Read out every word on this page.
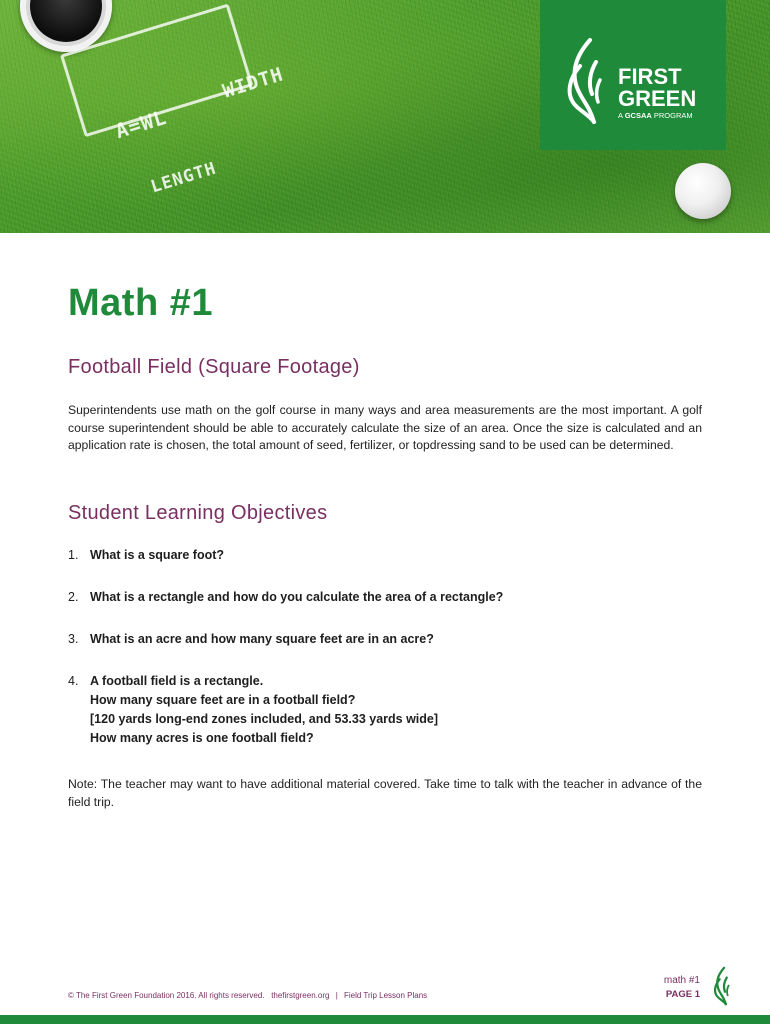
WIDTH
A=WL
LENGTH
FIRST
GREEN
A GCSAA PROGRAM
Math #1
Football Field (Square Footage)

Superintendents use math on the golf course in many ways and area measurements are the most important. A golf course superintendent should be able to accurately calculate the size of an area. Once the size is calculated and an application rate is chosen, the total amount of seed, fertilizer, or topdressing sand to be used can be determined.

Student Learning Objectives
1. What is a square foot?
2. What is a rectangle and how do you calculate the area of a rectangle?
3. What is an acre and how many square feet are in an acre?
4. A football field is a rectangle.
How many square feet are in a football field?
[120 yards long-end zones included, and 53.33 yards wide]
How many acres is one football field?

Note: The teacher may want to have additional material covered. Take time to talk with the teacher in advance of the field trip.

© The First Green Foundation 2016. All rights reserved. thefirstgreen.org | Field Trip Lesson Plans
math #1
PAGE 1
